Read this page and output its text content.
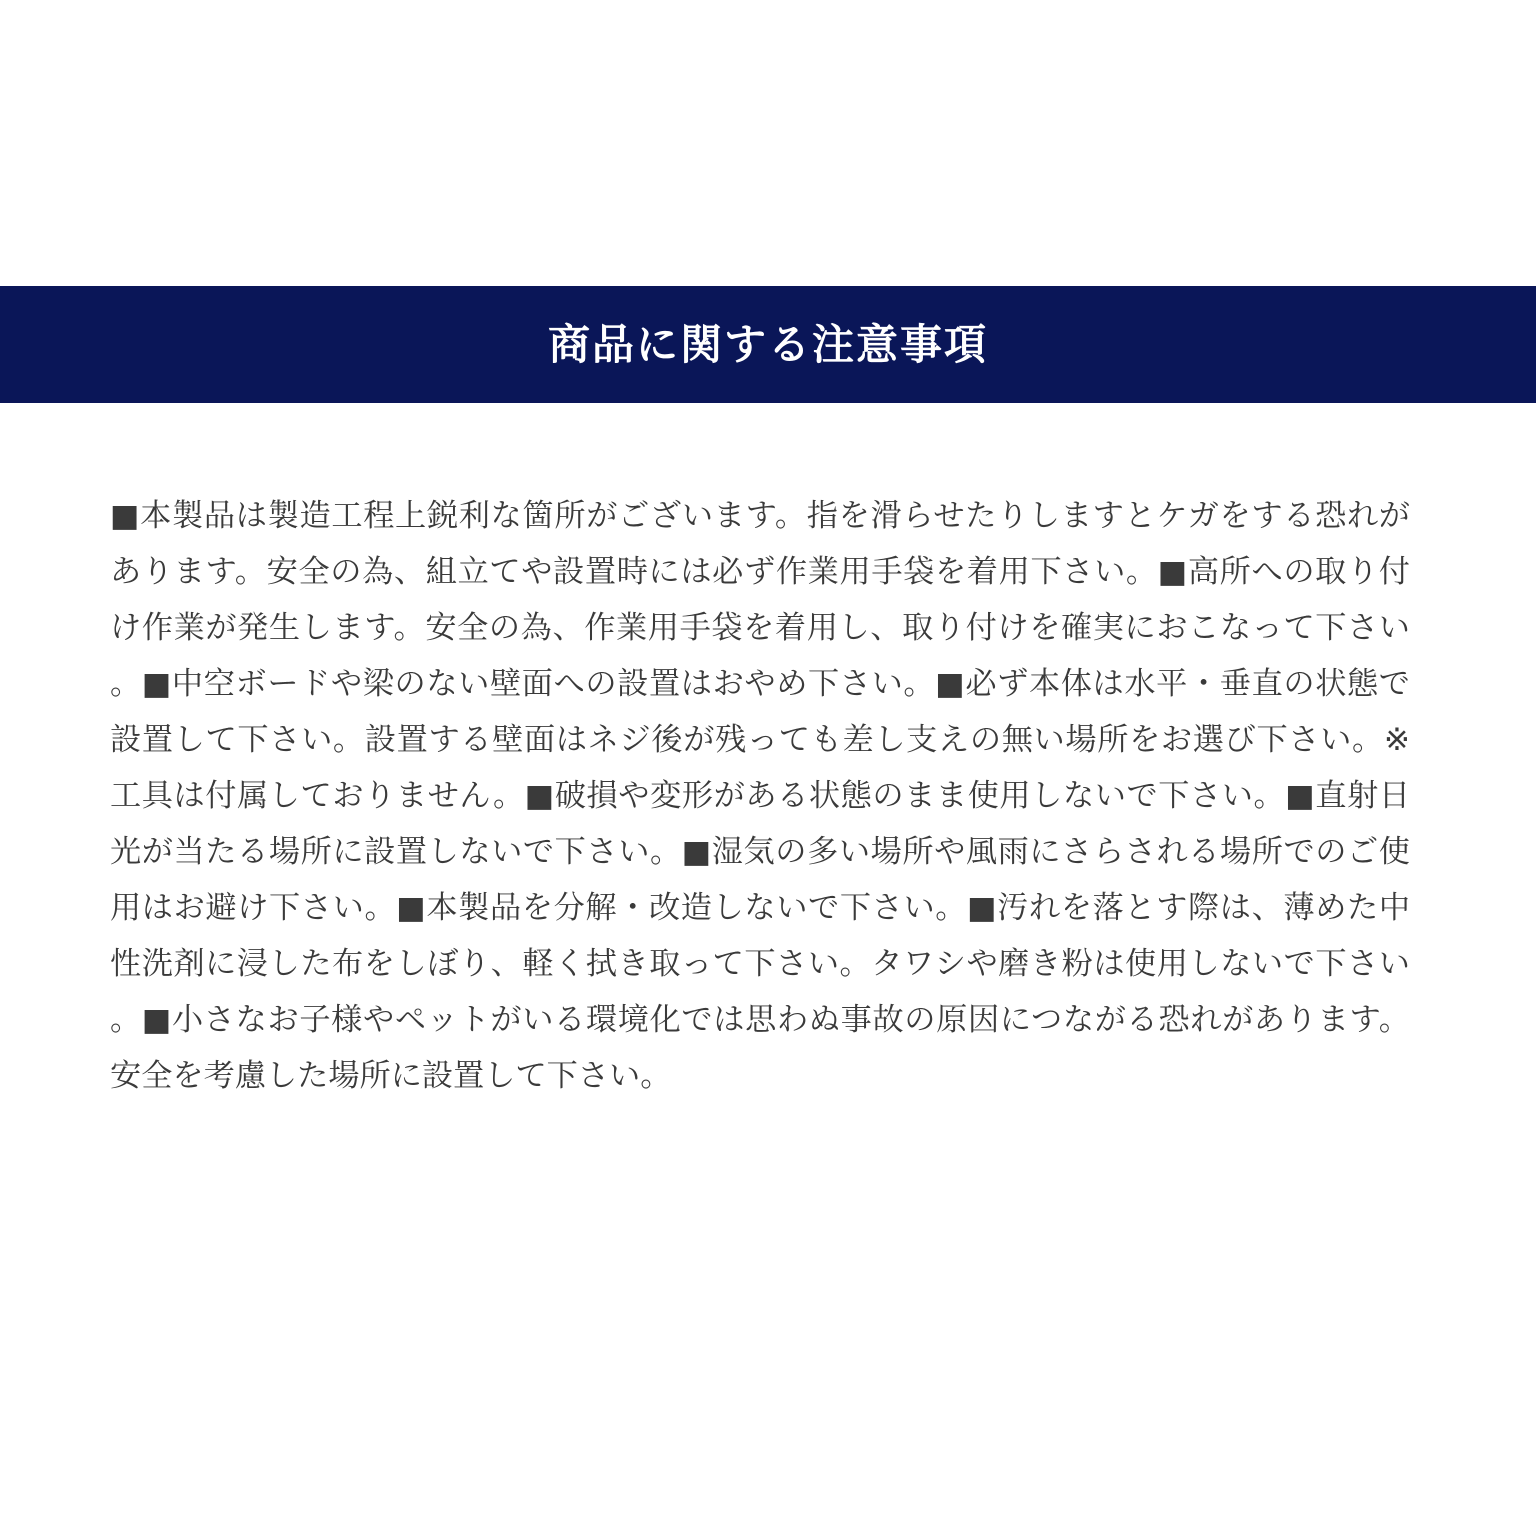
商品に関する注意事項

■本製品は製造工程上鋭利な箇所がございます。指を滑らせたりしますとケガをする恐れがあります。安全の為、組立てや設置時には必ず作業用手袋を着用下さい。■高所への取り付け作業が発生します。安全の為、作業用手袋を着用し、取り付けを確実におこなって下さい。■中空ボードや梁のない壁面への設置はおやめ下さい。■必ず本体は水平・垂直の状態で設置して下さい。設置する壁面はネジ後が残っても差し支えの無い場所をお選び下さい。※工具は付属しておりません。■破損や変形がある状態のまま使用しないで下さい。■直射日光が当たる場所に設置しないで下さい。■湿気の多い場所や風雨にさらされる場所でのご使用はお避け下さい。■本製品を分解・改造しないで下さい。■汚れを落とす際は、薄めた中性洗剤に浸した布をしぼり、軽く拭き取って下さい。タワシや磨き粉は使用しないで下さい。■小さなお子様やペットがいる環境化では思わぬ事故の原因につながる恐れがあります。安全を考慮した場所に設置して下さい。
